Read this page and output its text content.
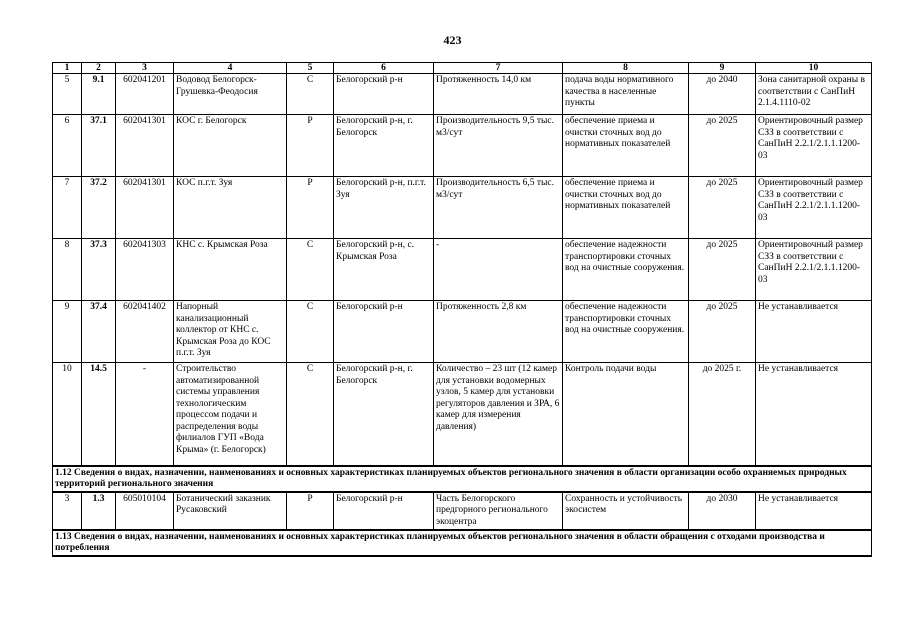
423
1	2	3	4	5	6	7	8	9	10
5	9.1	602041201	Водовод Белогорск-Грушевка-Феодосия	С	Белогорский р-н	Протяженность 14,0 км	подача воды нормативного качества в населенные пункты	до 2040	Зона санитарной охраны в соответствии с СанПиН 2.1.4.1110-02
6	37.1	602041301	КОС г. Белогорск	Р	Белогорский р-н, г. Белогорск	Производительность 9,5 тыс. м3/сут	обеспечение приема и очистки сточных вод до нормативных показателей	до 2025	Ориентировочный размер СЗЗ в соответствии с СанПиН 2.2.1/2.1.1.1200-03
7	37.2	602041301	КОС п.г.т. Зуя	Р	Белогорский р-н, п.г.т. Зуя	Производительность 6,5 тыс. м3/сут	обеспечение приема и очистки сточных вод до нормативных показателей	до 2025	Ориентировочный размер СЗЗ в соответствии с СанПиН 2.2.1/2.1.1.1200-03
8	37.3	602041303	КНС с. Крымская Роза	С	Белогорский р-н, с. Крымская Роза	-	обеспечение надежности транспортировки сточных вод на очистные сооружения.	до 2025	Ориентировочный размер СЗЗ в соответствии с СанПиН 2.2.1/2.1.1.1200-03
9	37.4	602041402	Напорный канализационный коллектор от КНС с. Крымская Роза до КОС п.г.т. Зуя	С	Белогорский р-н	Протяженность 2,8 км	обеспечение надежности транспортировки сточных вод на очистные сооружения.	до 2025	Не устанавливается
10	14.5	-	Строительство автоматизированной системы управления технологическим процессом подачи и распределения воды филиалов ГУП «Вода Крыма» (г. Белогорск)	С	Белогорский р-н, г. Белогорск	Количество – 23 шт (12 камер для установки водомерных узлов, 5 камер для установки регуляторов давления и ЗРА, 6 камер для измерения давления)	Контроль подачи воды	до 2025 г.	Не устанавливается
1.12 Сведения о видах, назначении, наименованиях и основных характеристиках планируемых объектов регионального значения в области организации особо охраняемых природных территорий регионального значения									
3	1.3	605010104	Ботанический заказник Русаковский	Р	Белогорский р-н	Часть Белогорского предгорного регионального экоцентра	Сохранность и устойчивость экосистем	до 2030	Не устанавливается
1.13 Сведения о видах, назначении, наименованиях и основных характеристиках планируемых объектов регионального значения в области обращения с отходами производства и потребления									
